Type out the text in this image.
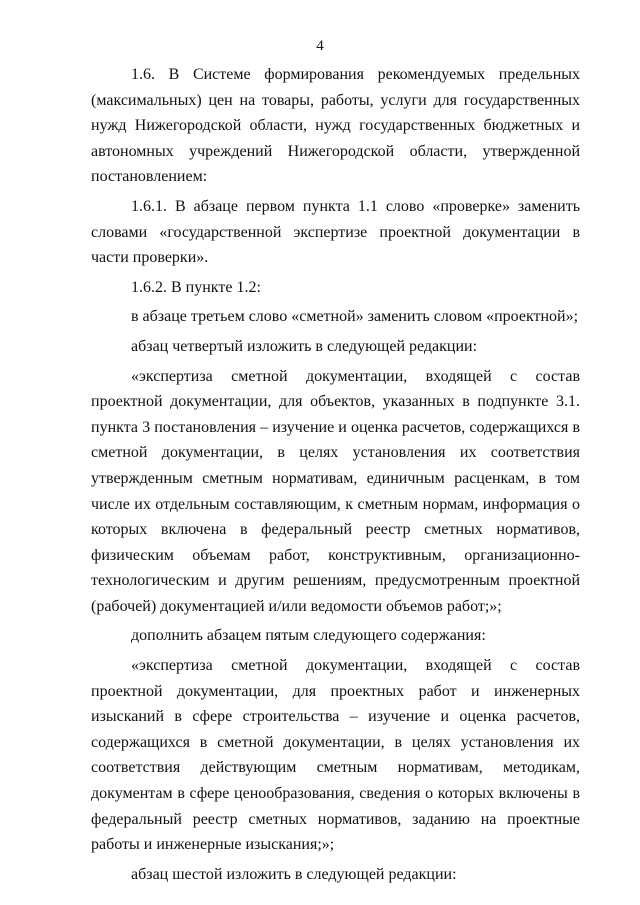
4

1.6. В Системе формирования рекомендуемых предельных (максимальных) цен на товары, работы, услуги для государственных нужд Нижегородской области, нужд государственных бюджетных и автономных учреждений Нижегородской области, утвержденной постановлением:

1.6.1. В абзаце первом пункта 1.1 слово «проверке» заменить словами «государственной экспертизе проектной документации в части проверки».

1.6.2. В пункте 1.2:

в абзаце третьем слово «сметной» заменить словом «проектной»;

абзац четвертый изложить в следующей редакции:

«экспертиза сметной документации, входящей с состав проектной документации, для объектов, указанных в подпункте 3.1. пункта 3 постановления – изучение и оценка расчетов, содержащихся в сметной документации, в целях установления их соответствия утвержденным сметным нормативам, единичным расценкам, в том числе их отдельным составляющим, к сметным нормам, информация о которых включена в федеральный реестр сметных нормативов, физическим объемам работ, конструктивным, организационно-технологическим и другим решениям, предусмотренным проектной (рабочей) документацией и/или ведомости объемов работ;»;

дополнить абзацем пятым следующего содержания:

«экспертиза сметной документации, входящей с состав проектной документации, для проектных работ и инженерных изысканий в сфере строительства – изучение и оценка расчетов, содержащихся в сметной документации, в целях установления их соответствия действующим сметным нормативам, методикам, документам в сфере ценообразования, сведения о которых включены в федеральный реестр сметных нормативов, заданию на проектные работы и инженерные изыскания;»;

абзац шестой изложить в следующей редакции:
